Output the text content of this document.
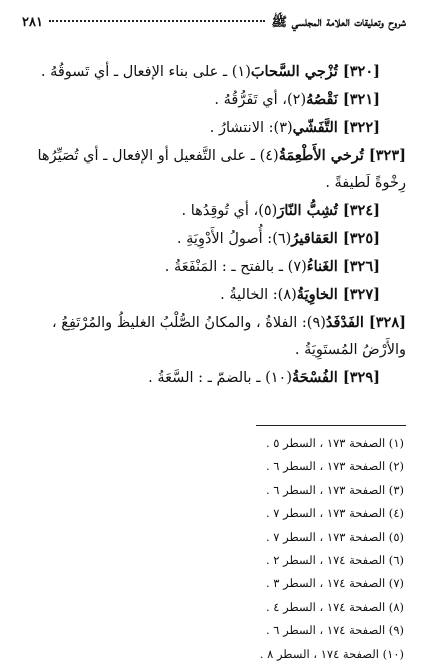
شروح وتعليقات العلامة المجلسي ﷺ
٢٨١

[٣٢٠] تُزْجي السَّحابَ(١) ـ على بناء الإفعال ـ أي تَسوقُهُ .

[٣٢١] نَقْصُهُ(٢)، أي تَفَرُّقُهُ .

[٣٢٢] التَّفَشّي(٣): الانتشارُ .

[٣٢٣] تُرخي الأَطْعِمَةُ(٤) ـ على التَّفعيل أو الإفعال ـ أي تُصَيِّرُها رِخْوةً لَطيفةً .

[٣٢٤] تُشِبُّ النّارَ(٥)، أي تُوقِدُها .

[٣٢٥] العَقاقيرُ(٦): أُصولُ الأَدْوِيَةِ .

[٣٢٦] الغَناءُ(٧) ـ بالفتح ـ : المَنْفَعَةُ .

[٣٢٧] الخاوِيَةُ(٨): الخاليةُ .

[٣٢٨] الفَدْفَدُ(٩): الفلاةُ ، والمكانُ الصُّلْبُ الغليظُ والمُرْتَفِعُ ، والأَرْضُ المُستَوِيَةُ .

[٣٢٩] الفُسْحَةُ(١٠) ـ بالضمّ ـ : السَّعَةُ .

(١) الصفحة ١٧٣ ، السطر ٥ .

(٢) الصفحة ١٧٣ ، السطر ٦ .

(٣) الصفحة ١٧٣ ، السطر ٦ .

(٤) الصفحة ١٧٣ ، السطر ٧ .

(٥) الصفحة ١٧٣ ، السطر ٧ .

(٦) الصفحة ١٧٤ ، السطر ٢ .

(٧) الصفحة ١٧٤ ، السطر ٣ .

(٨) الصفحة ١٧٤ ، السطر ٤ .

(٩) الصفحة ١٧٤ ، السطر ٦ .

(١٠) الصفحة ١٧٤ ، السطر ٨ .
